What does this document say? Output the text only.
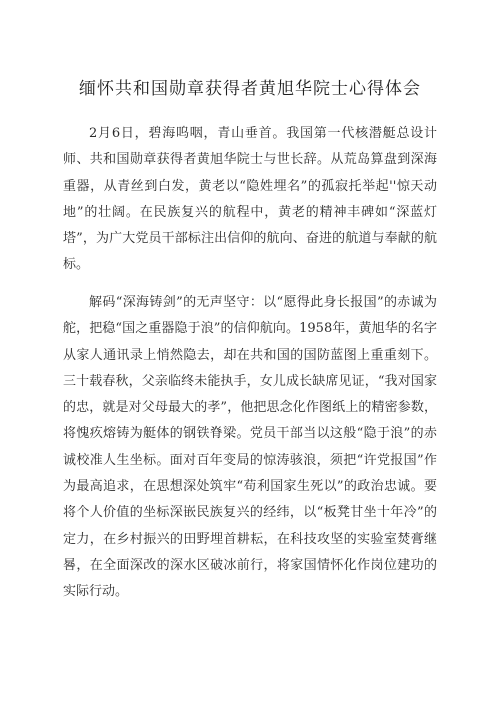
缅怀共和国勋章获得者黄旭华院士心得体会

2月6日，碧海呜咽，青山垂首。我国第一代核潜艇总设计师、共和国勋章获得者黄旭华院士与世长辞。从荒岛算盘到深海重器，从青丝到白发，黄老以“隐姓埋名”的孤寂托举起''惊天动地”的壮阔。在民族复兴的航程中，黄老的精神丰碑如“深蓝灯塔”，为广大党员干部标注出信仰的航向、奋进的航道与奉献的航标。

解码“深海铸剑”的无声坚守：以“愿得此身长报国”的赤诚为舵，把稳“国之重器隐于浪”的信仰航向。1958年，黄旭华的名字从家人通讯录上悄然隐去，却在共和国的国防蓝图上重重刻下。三十载春秋，父亲临终未能执手，女儿成长缺席见证，“我对国家的忠，就是对父母最大的孝”，他把思念化作图纸上的精密参数，将愧疚熔铸为艇体的钢铁脊梁。党员干部当以这般“隐于浪”的赤诚校准人生坐标。面对百年变局的惊涛骇浪，须把“许党报国”作为最高追求，在思想深处筑牢“苟利国家生死以”的政治忠诚。要将个人价值的坐标深嵌民族复兴的经纬，以“板凳甘坐十年冷”的定力，在乡村振兴的田野埋首耕耘，在科技攻坚的实验室焚膏继晷，在全面深改的深水区破冰前行，将家国情怀化作岗位建功的实际行动。
